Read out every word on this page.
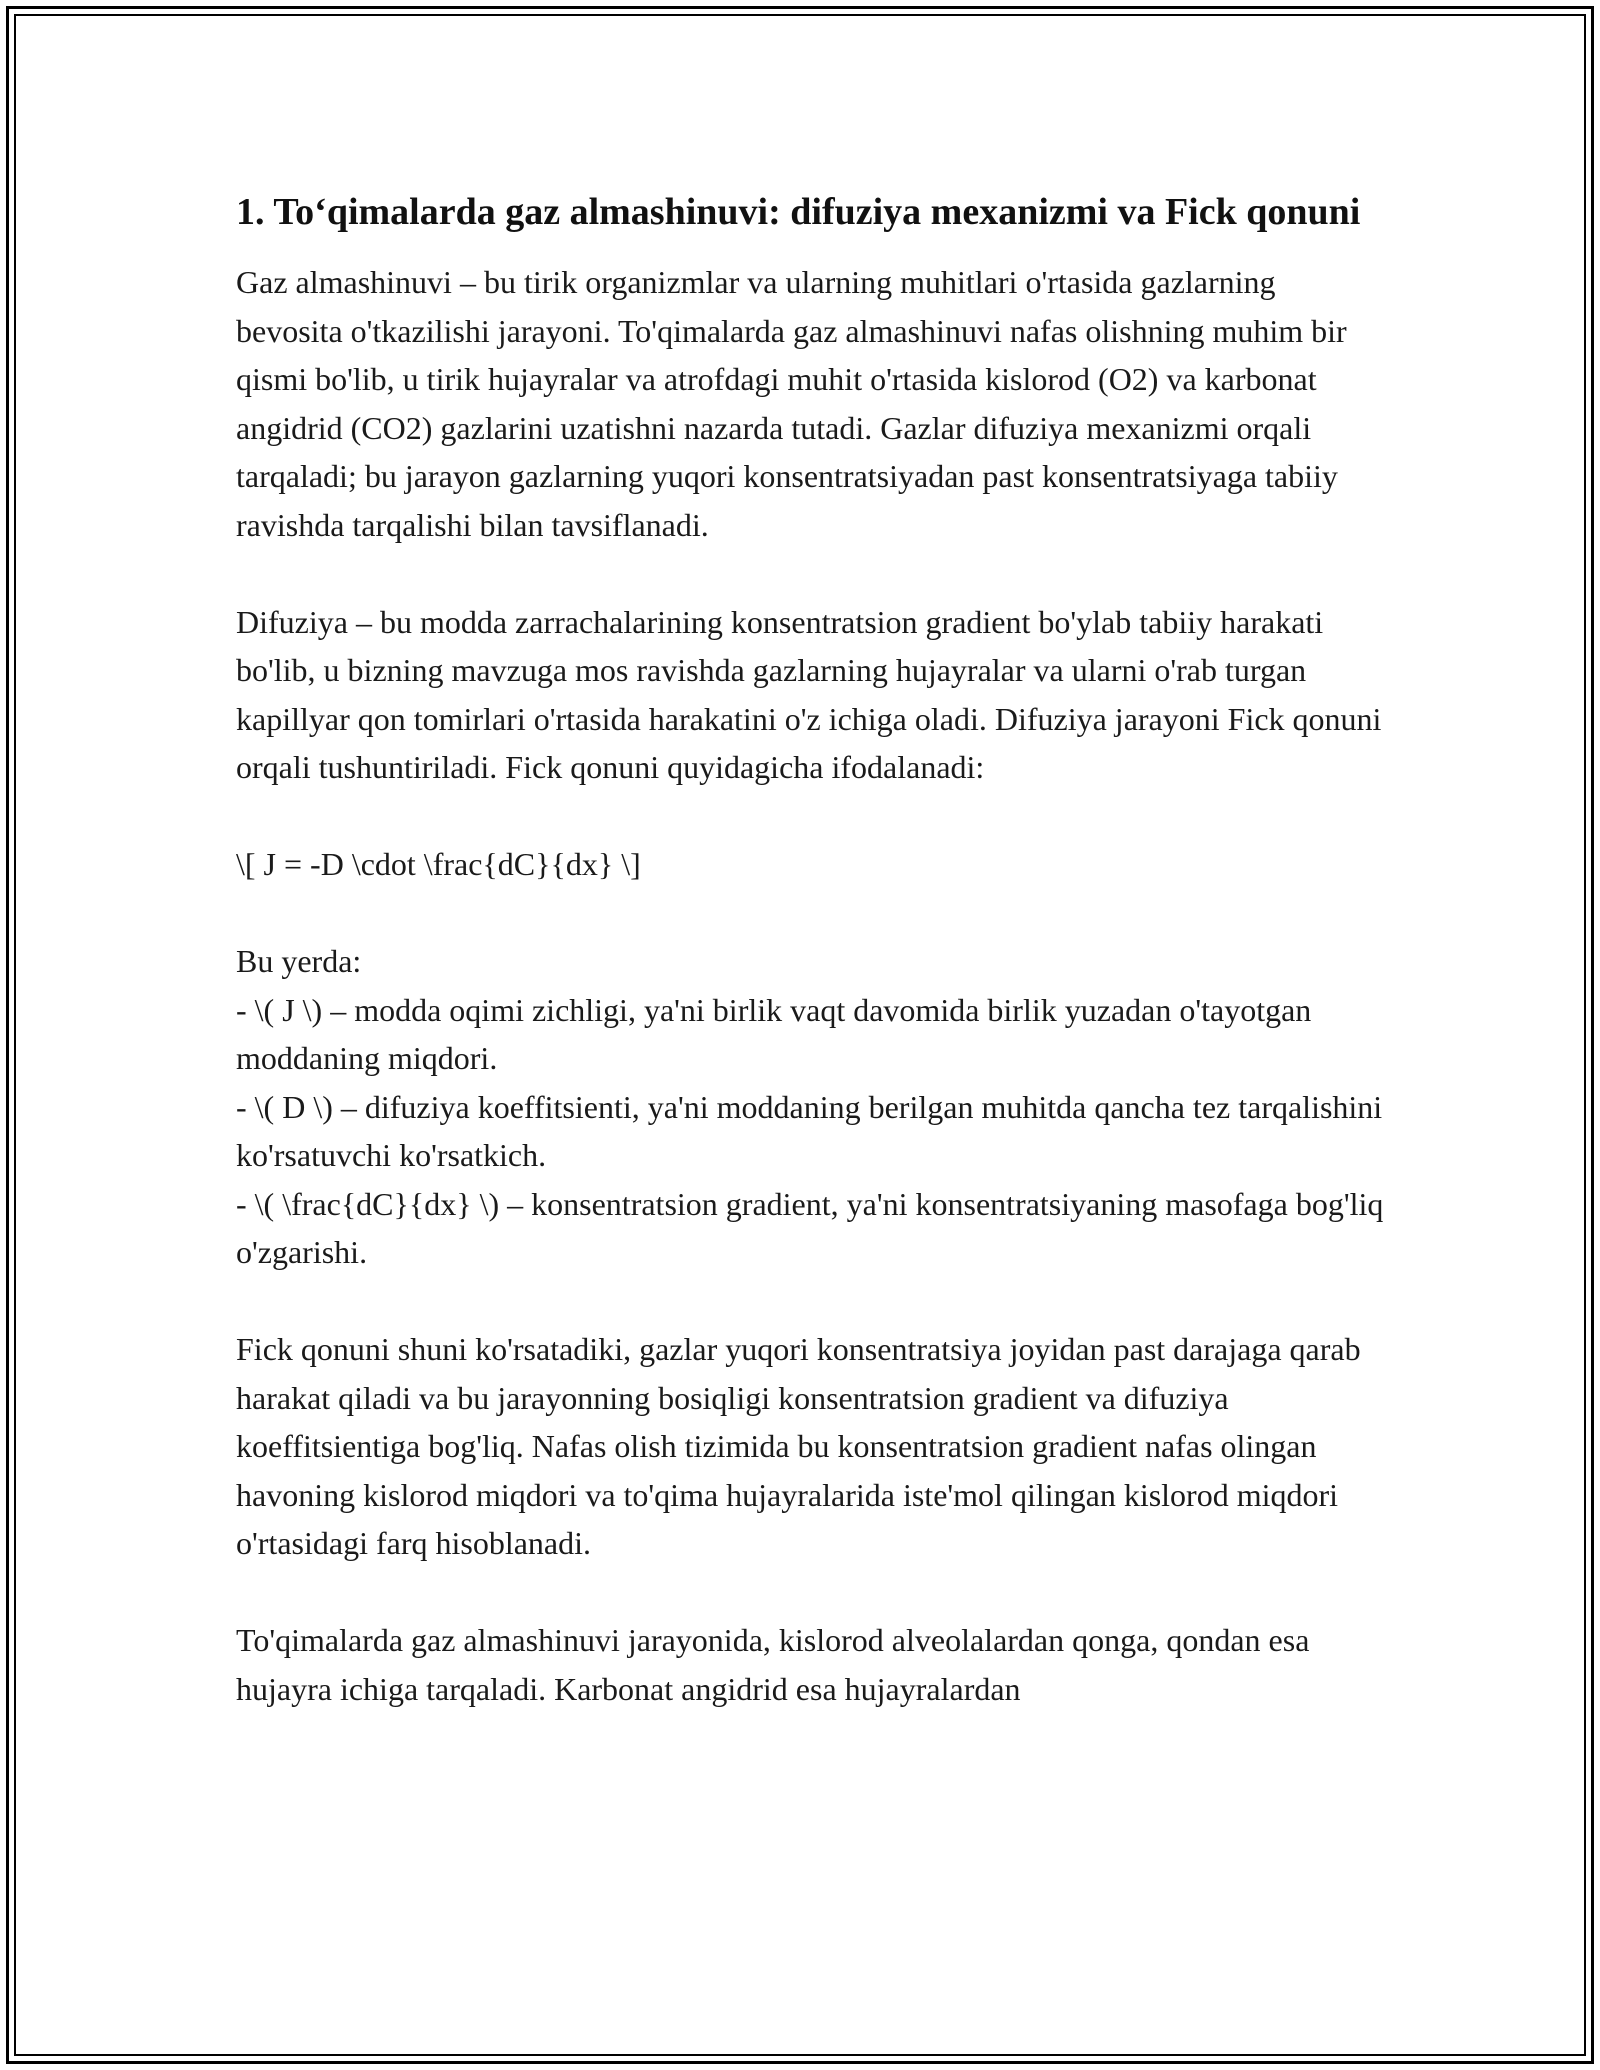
1. To‘qimalarda gaz almashinuvi: difuziya mexanizmi va Fick qonuni

Gaz almashinuvi – bu tirik organizmlar va ularning muhitlari o'rtasida gazlarning bevosita o'tkazilishi jarayoni. To'qimalarda gaz almashinuvi nafas olishning muhim bir qismi bo'lib, u tirik hujayralar va atrofdagi muhit o'rtasida kislorod (O2) va karbonat angidrid (CO2) gazlarini uzatishni nazarda tutadi. Gazlar difuziya mexanizmi orqali tarqaladi; bu jarayon gazlarning yuqori konsentratsiyadan past konsentratsiyaga tabiiy ravishda tarqalishi bilan tavsiflanadi.

Difuziya – bu modda zarrachalarining konsentratsion gradient bo'ylab tabiiy harakati bo'lib, u bizning mavzuga mos ravishda gazlarning hujayralar va ularni o'rab turgan kapillyar qon tomirlari o'rtasida harakatini o'z ichiga oladi. Difuziya jarayoni Fick qonuni orqali tushuntiriladi. Fick qonuni quyidagicha ifodalanadi:

\[ J = -D \cdot \frac{dC}{dx} \]

Bu yerda:
- \( J \) – modda oqimi zichligi, ya'ni birlik vaqt davomida birlik yuzadan o'tayotgan moddaning miqdori.
- \( D \) – difuziya koeffitsienti, ya'ni moddaning berilgan muhitda qancha tez tarqalishini ko'rsatuvchi ko'rsatkich.
- \( \frac{dC}{dx} \) – konsentratsion gradient, ya'ni konsentratsiyaning masofaga bog'liq o'zgarishi.

Fick qonuni shuni ko'rsatadiki, gazlar yuqori konsentratsiya joyidan past darajaga qarab harakat qiladi va bu jarayonning bosiqligi konsentratsion gradient va difuziya koeffitsientiga bog'liq. Nafas olish tizimida bu konsentratsion gradient nafas olingan havoning kislorod miqdori va to'qima hujayralarida iste'mol qilingan kislorod miqdori o'rtasidagi farq hisoblanadi.

To'qimalarda gaz almashinuvi jarayonida, kislorod alveolalardan qonga, qondan esa hujayra ichiga tarqaladi. Karbonat angidrid esa hujayralardan
